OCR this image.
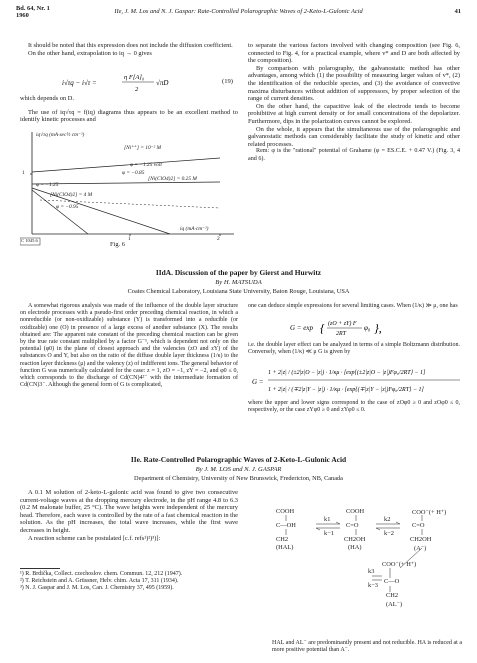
Bd. 64, Nr. 1
1960	IIe, J. M. Los and N. J. Gaspar: Rate-Controlled Polarographic Waves of 2-Keto-L-Gulonic Acid	41

It should be noted that this expression does not include the diffusion coefficient.

On the other hand, extrapolation to iq → 0 gives

i√τq − i√τ =
η F[A]₀
2
√πD	(19)

which depends on D.

The use of iq√τq = f(iq) diagrams thus appears to be an excellent method to identify kinetic processes and

iq√τq (mA·sec½ cm⁻²)
[Ni⁺⁺] = 10⁻² M
φ = −1.25 volt
φ = −0.85
[Ni(ClO4)2] = 0.25 M
φ = −1.25
[Ni(ClO4)2] = 4 M
φ = −0.95
1
1	2
iq (mA·cm⁻²)
C 1045.6
Fig. 6

to separate the various factors involved with changing composition (see Fig. 6, connected to Fig. 4, for a practical example, where v* and D are both affected by the composition).

By comparison with polarography, the galvanostatic method has other advantages, among which (1) the possibility of measuring larger values of v*, (2) the identification of the reducible species, and (3) the avoidance of convective maxima disturbances without addition of suppressors, by proper selection of the range of current densities.

On the other hand, the capacitive leak of the electrode tends to become prohibitive at high current density or for small concentrations of the depolarizer. Furthermore, dips in the polarization curves cannot be explored.

On the whole, it appears that the simultaneous use of the polarographic and galvanostatic methods can considerably facilitate the study of kinetic and other related processes.

Rem: φ is the "rational" potential of Grahame (φ = ES.C.E. + 0.47 V.) (Fig. 3, 4 and 6).

IIdA. Discussion of the paper by Gierst and Hurwitz
By H. MATSUDA
Coates Chemical Laboratory, Louisiana State University, Baton Rouge, Louisiana, USA

A somewhat rigorous analysis was made of the influence of the double layer structure on electrode processes with a pseudo-first order preceding chemical reaction, in which a nonreducible (or non-oxidizable) substance (Y) is transformed into a reducible (or oxidizable) one (O) in presence of a large excess of another substance (X). The results obtained are: The apparent rate constant of the preceding chemical reaction can be given by the true rate constant multiplied by a factor G⁻¹, which is dependent not only on the potential (φ0) in the plane of closest approach and the valencies (zO and zY) of the substances O and Y, but also on the ratio of the diffuse double layer thickness (1/κ) to the reaction layer thickness (μ) and the valency (z) of indifferent ions. The general behavior of function G was numerically calculated for the case: z = 1, zO = −1, zY = −2, and φ0 ≤ 0, which corresponds to the discharge of Cd(CN)4²⁻ with the intermediate formation of Cd(CN)3⁻. Although the general form of G is complicated,

one can deduce simple expressions for several limiting cases. When (1/κ) ≫ μ, one has

G = exp { (zO + zY) F
2RT
φ₀ },

i.e. the double layer effect can be analyzed in terms of a simple Boltzmann distribution. Conversely, when (1/κ) ≪ μ G is given by

G =
1 + 2|z| / (±2|z|O − |z|) · 1/κμ · [exp{(±2|z|O − |z|)Fφ₀/2RT} − 1]
1 + 2|z| / (∓2|z|Y − |z|) · 1/κμ · [exp{(∓|z|Y − |z|)Fφ₀/2RT} − 1]

where the upper and lower signs correspond to the case of zOφ0 ≥ 0 and zOφ0 ≤ 0, respectively, or the case zYφ0 ≥ 0 and zYφ0 ≤ 0.

IIe. Rate-Controlled Polarographic Waves of 2-Keto-L-Gulonic Acid
By J. M. LOS and N. J. GASPAR
Department of Chemistry, University of New Brunswick, Fredericton, NB, Canada

A 0.1 M solution of 2-keto-L-gulonic acid was found to give two consecutive current-voltage waves at the dropping mercury electrode, in the pH range 4.8 to 6.3 (0.2 M malonate buffer, 25 °C). The wave heights were independent of the mercury head. Therefore, each wave is controlled by the rate of a fast chemical reaction in the solution. As the pH increases, the total wave increases, while the first wave decreases in height.

A reaction scheme can be postulated [c.f. refs¹)²)³)]:

¹) R. Brdička, Collect. czechoslov. chem. Commun. 12, 212 (1947).

²) T. Reichstein and A. Grüssner, Helv. chim. Acta 17, 311 (1934).

³) N. J. Gaspar and J. M. Los, Can. J. Chemistry 37, 495 (1959).

COOH
C—OH
CH2
(HAL)
k1
k−1
COOH
C=O
CH2OH
(HA)
k2
k−2
COO⁻(+ H⁺)
C=O
CH2OH
(A⁻)
COO⁻(+ H⁺)
k3
k−3
C—O
CH2
(AL⁻)

HAL and AL⁻ are predominantly present and not reducible. HA is reduced at a more positive potential than A⁻.
